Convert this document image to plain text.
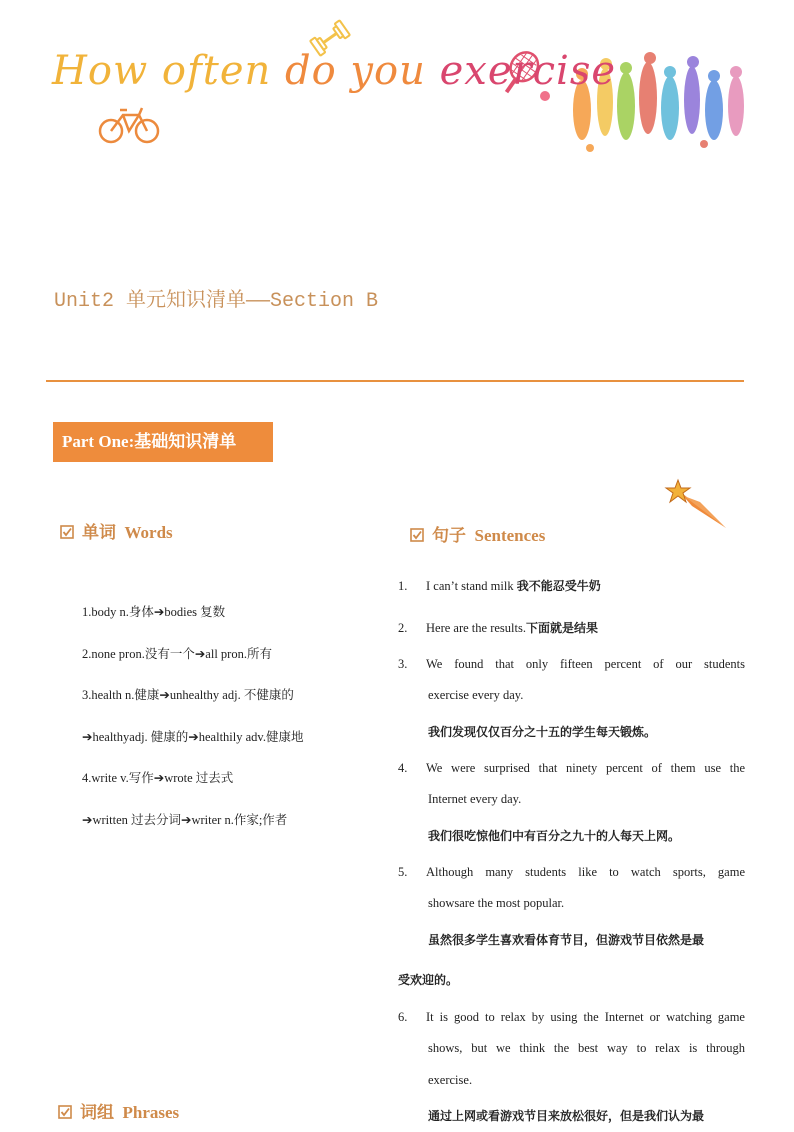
How often do you exercise
Unit2 单元知识清单——Section B
Part One:基础知识清单
单词 Words
1.body n.身体➔bodies 复数
2.none pron.没有一个➔all pron.所有
3.health n.健康➔unhealthy adj. 不健康的
➔healthyadj. 健康的➔healthily adv.健康地
4.write v.写作➔wrote 过去式
➔written 过去分词➔writer n.作家;作者
句子 Sentences
1. I can’t stand milk 我不能忍受牛奶
2. Here are the results.下面就是结果
3. We found that only fifteen percent of our students
exercise every day.
我们发现仅仅百分之十五的学生每天锻炼。
4. We were surprised that ninety percent of them use the
Internet every day.
我们很吃惊他们中有百分之九十的人每天上网。
5. Although many students like to watch sports, game
showsare the most popular.
虽然很多学生喜欢看体育节目，但游戏节目依然是最
受欢迎的。
6. It is good to relax by using the Internet or watching game
shows, but we think the best way to relax is through
exercise.
通过上网或看游戏节目来放松很好，但是我们认为最
词组 Phrases
